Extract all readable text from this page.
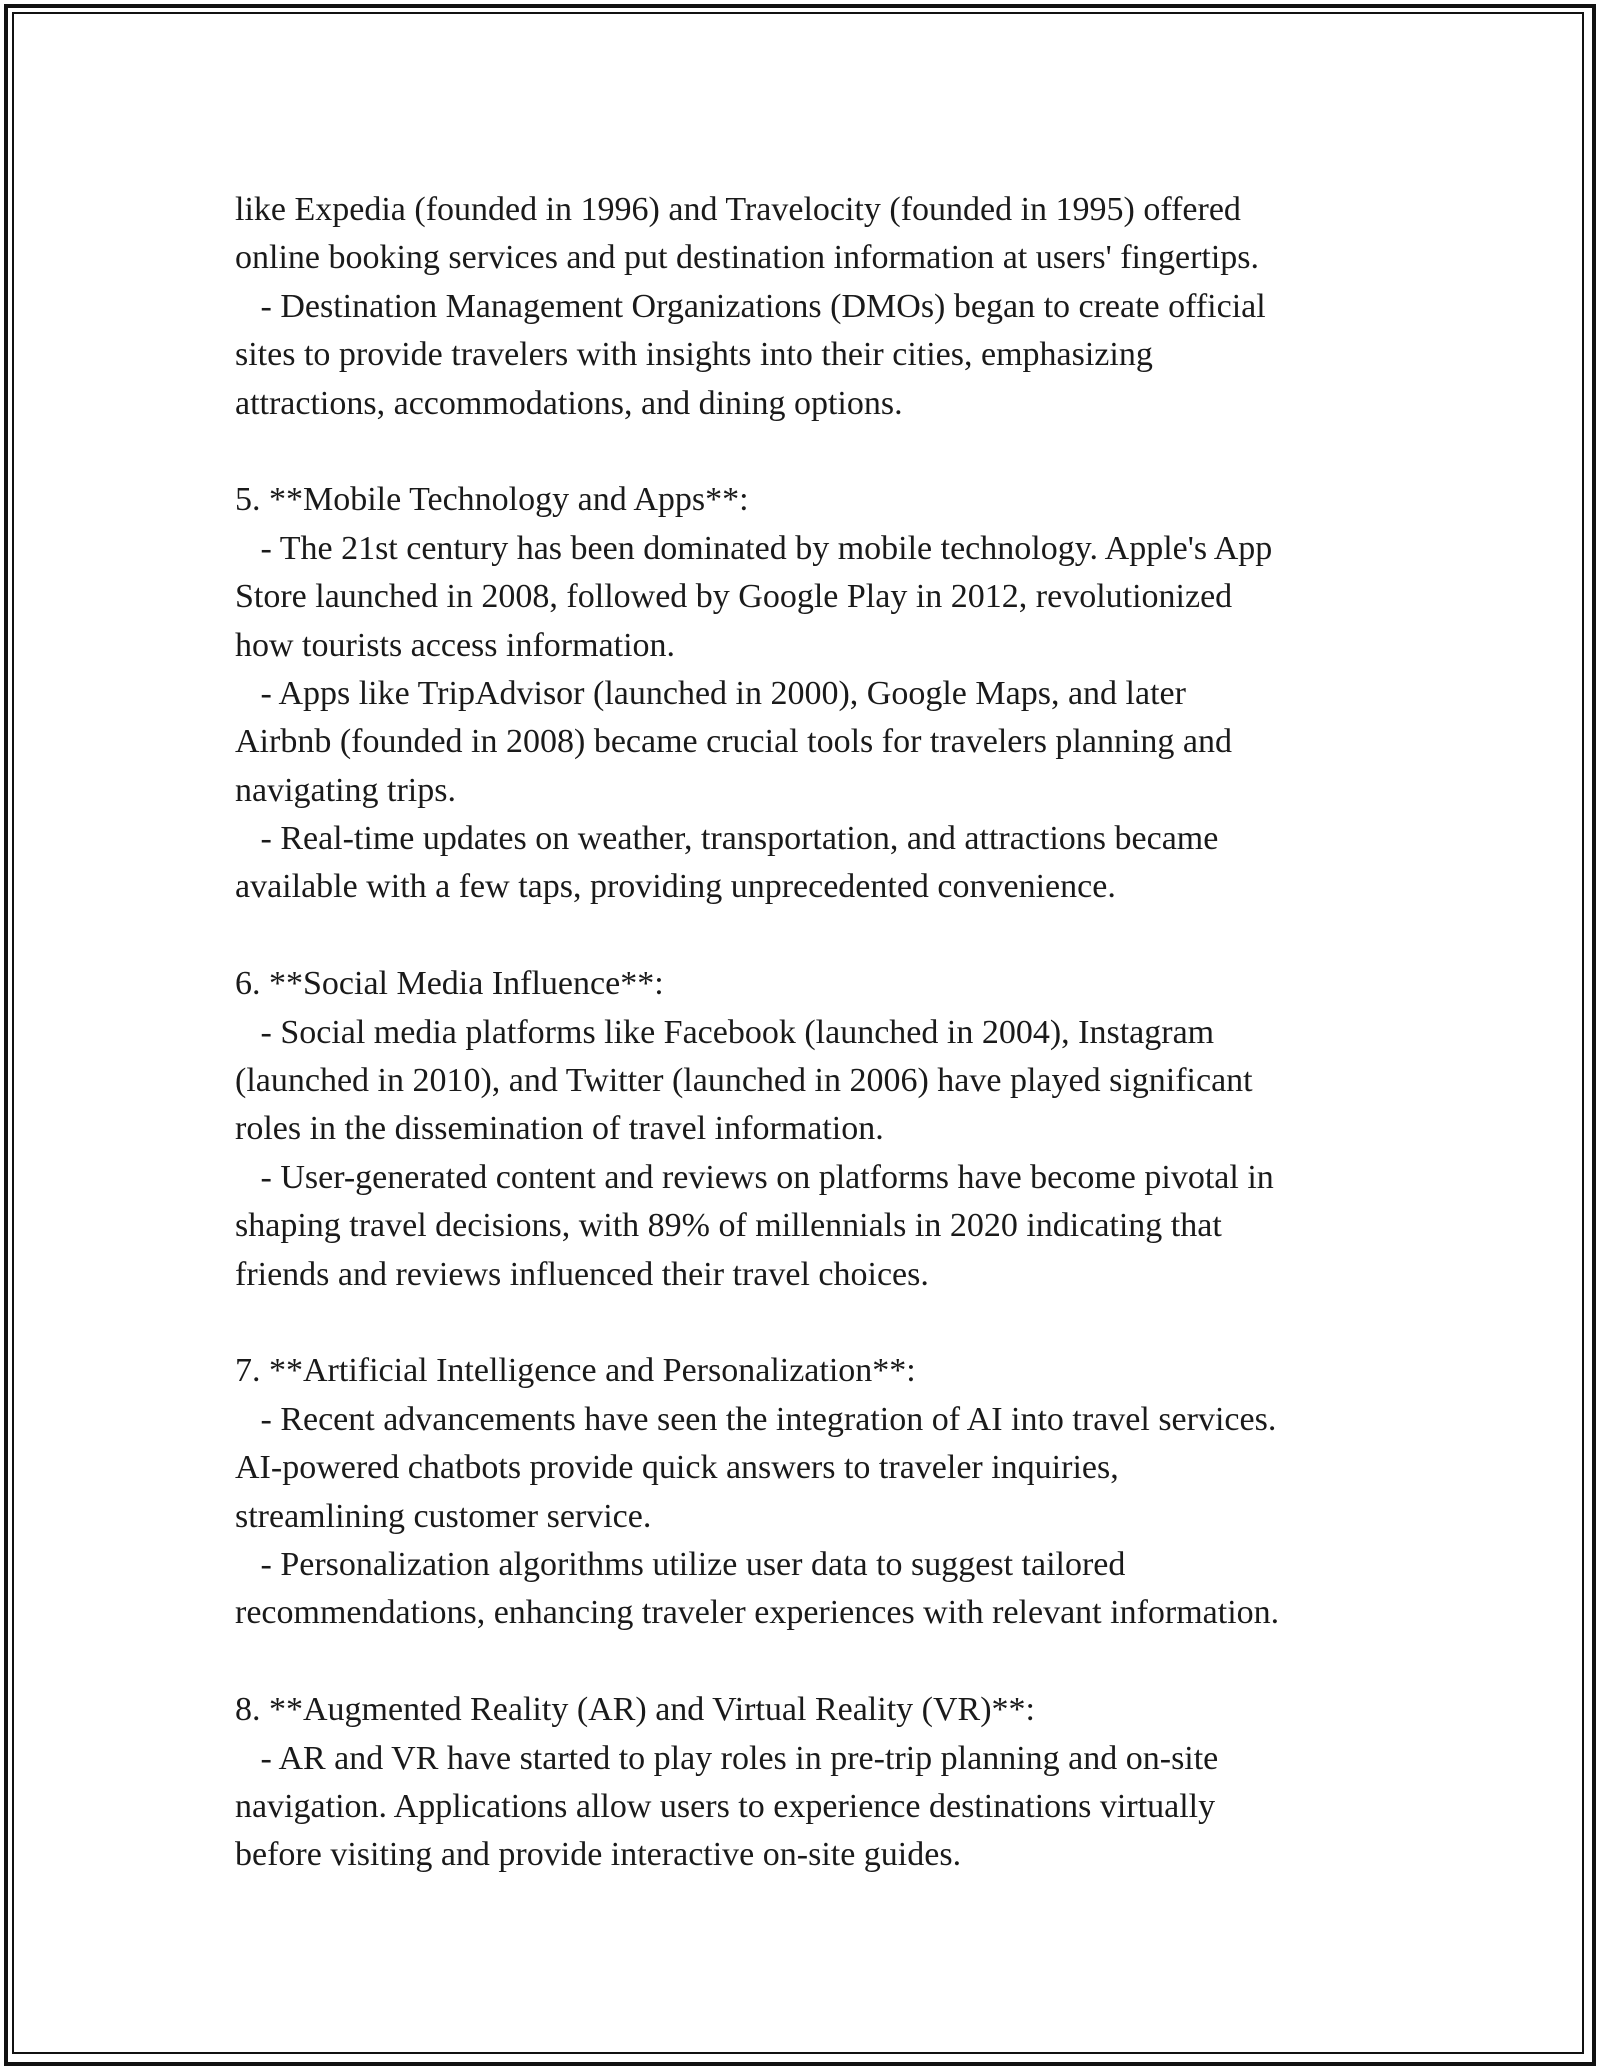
like Expedia (founded in 1996) and Travelocity (founded in 1995) offered
online booking services and put destination information at users' fingertips.
- Destination Management Organizations (DMOs) began to create official
sites to provide travelers with insights into their cities, emphasizing
attractions, accommodations, and dining options.
5. **Mobile Technology and Apps**:
- The 21st century has been dominated by mobile technology. Apple's App
Store launched in 2008, followed by Google Play in 2012, revolutionized
how tourists access information.
- Apps like TripAdvisor (launched in 2000), Google Maps, and later
Airbnb (founded in 2008) became crucial tools for travelers planning and
navigating trips.
- Real-time updates on weather, transportation, and attractions became
available with a few taps, providing unprecedented convenience.
6. **Social Media Influence**:
- Social media platforms like Facebook (launched in 2004), Instagram
(launched in 2010), and Twitter (launched in 2006) have played significant
roles in the dissemination of travel information.
- User-generated content and reviews on platforms have become pivotal in
shaping travel decisions, with 89% of millennials in 2020 indicating that
friends and reviews influenced their travel choices.
7. **Artificial Intelligence and Personalization**:
- Recent advancements have seen the integration of AI into travel services.
AI-powered chatbots provide quick answers to traveler inquiries,
streamlining customer service.
- Personalization algorithms utilize user data to suggest tailored
recommendations, enhancing traveler experiences with relevant information.
8. **Augmented Reality (AR) and Virtual Reality (VR)**:
- AR and VR have started to play roles in pre-trip planning and on-site
navigation. Applications allow users to experience destinations virtually
before visiting and provide interactive on-site guides.
